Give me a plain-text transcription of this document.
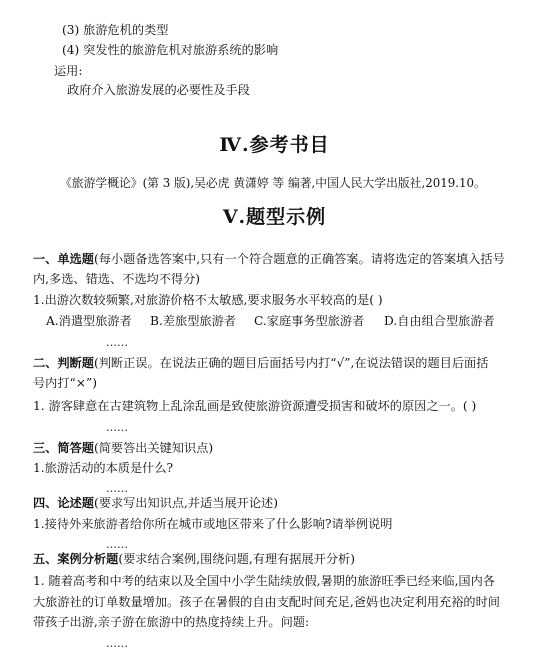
(3) 旅游危机的类型
(4) 突发性的旅游危机对旅游系统的影响
运用:
政府介入旅游发展的必要性及手段
Ⅳ.参考书目
《旅游学概论》(第 3 版),吴必虎 黄潇婷 等 编著,中国人民大学出版社,2019.10。
Ⅴ.题型示例
一、单选题(每小题备选答案中,只有一个符合题意的正确答案。请将选定的答案填入括号
内,多选、错选、不选均不得分)
1.出游次数较频繁,对旅游价格不太敏感,要求服务水平较高的是( )
A.消遣型旅游者 B.差旅型旅游者 C.家庭事务型旅游者 D.自由组合型旅游者
……
二、判断题(判断正误。在说法正确的题目后面括号内打“√”,在说法错误的题目后面括
号内打“×”)
1. 游客肆意在古建筑物上乱涂乱画是致使旅游资源遭受损害和破坏的原因之一。( )
……
三、简答题(简要答出关键知识点)
1.旅游活动的本质是什么?
……
四、论述题(要求写出知识点,并适当展开论述)
1.接待外来旅游者给你所在城市或地区带来了什么影响?请举例说明
……
五、案例分析题(要求结合案例,围绕问题,有理有据展开分析)
1. 随着高考和中考的结束以及全国中小学生陆续放假,暑期的旅游旺季已经来临,国内各
大旅游社的订单数量增加。孩子在暑假的自由支配时间充足,爸妈也决定利用充裕的时间
带孩子出游,亲子游在旅游中的热度持续上升。问题:
……
